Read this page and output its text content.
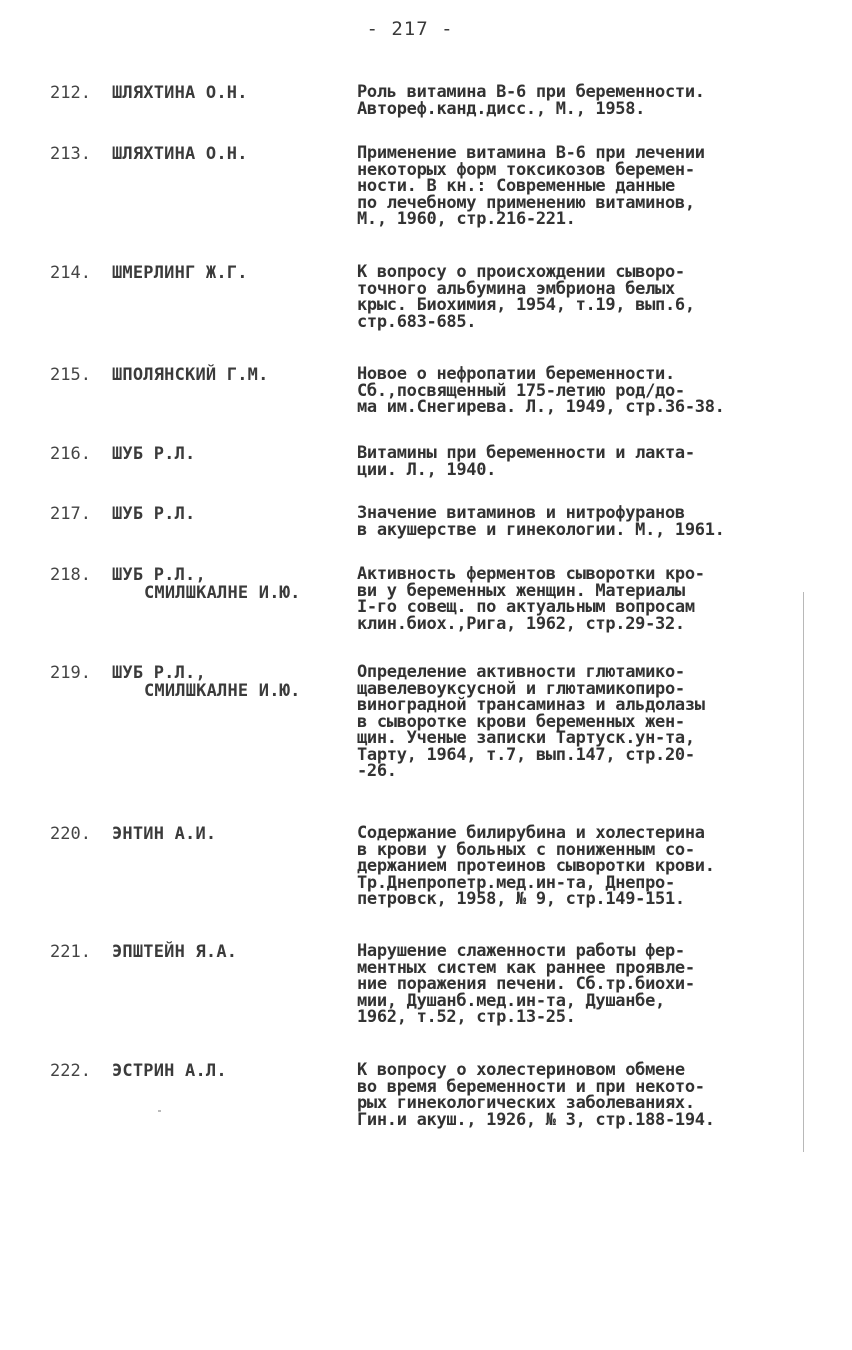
- 217 -
212. ШЛЯХТИНА О.Н.	Роль витамина В-6 при беременности.
Автореф.канд.дисс., М., 1958.
213. ШЛЯХТИНА О.Н.	Применение витамина В-6 при лечении
некоторых форм токсикозов беремен-
ности. В кн.: Современные данные
по лечебному применению витаминов,
М., 1960, стр.216-221.
214. ШМЕРЛИНГ Ж.Г.	К вопросу о происхождении сыворо-
точного альбумина эмбриона белых
крыс. Биохимия, 1954, т.19, вып.6,
стр.683-685.
215. ШПОЛЯНСКИЙ Г.М.	Новое о нефропатии беременности.
Сб.,посвященный 175-летию род/до-
ма им.Снегирева. Л., 1949, стр.36-38.
216. ШУБ Р.Л.	Витамины при беременности и лакта-
ции. Л., 1940.
217. ШУБ Р.Л.	Значение витаминов и нитрофуранов
в акушерстве и гинекологии. М., 1961.
218. ШУБ Р.Л.,
СМИЛШКАЛНЕ И.Ю.
Активность ферментов сыворотки кро-
ви у беременных женщин. Материалы
I-го совещ. по актуальным вопросам
клин.биох.,Рига, 1962, стр.29-32.
219. ШУБ Р.Л.,
СМИЛШКАЛНЕ И.Ю.
Определение активности глютамико-
щавелевоуксусной и глютамикопиро-
виноградной трансаминаз и альдолазы
в сыворотке крови беременных жен-
щин. Ученые записки Тартуск.ун-та,
Тарту, 1964, т.7, вып.147, стр.20-
-26.
220. ЭНТИН А.И.	Содержание билирубина и холестерина
в крови у больных с пониженным со-
держанием протеинов сыворотки крови.
Тр.Днепропетр.мед.ин-та, Днепро-
петровск, 1958, № 9, стр.149-151.
221. ЭПШТЕЙН Я.А.	Нарушение слаженности работы фер-
ментных систем как раннее проявле-
ние поражения печени. Сб.тр.биохи-
мии, Душанб.мед.ин-та, Душанбе,
1962, т.52, стр.13-25.
222. ЭСТРИН А.Л.	К вопросу о холестериновом обмене
во время беременности и при некото-
рых гинекологических заболеваниях.
Гин.и акуш., 1926, № 3, стр.188-194.
